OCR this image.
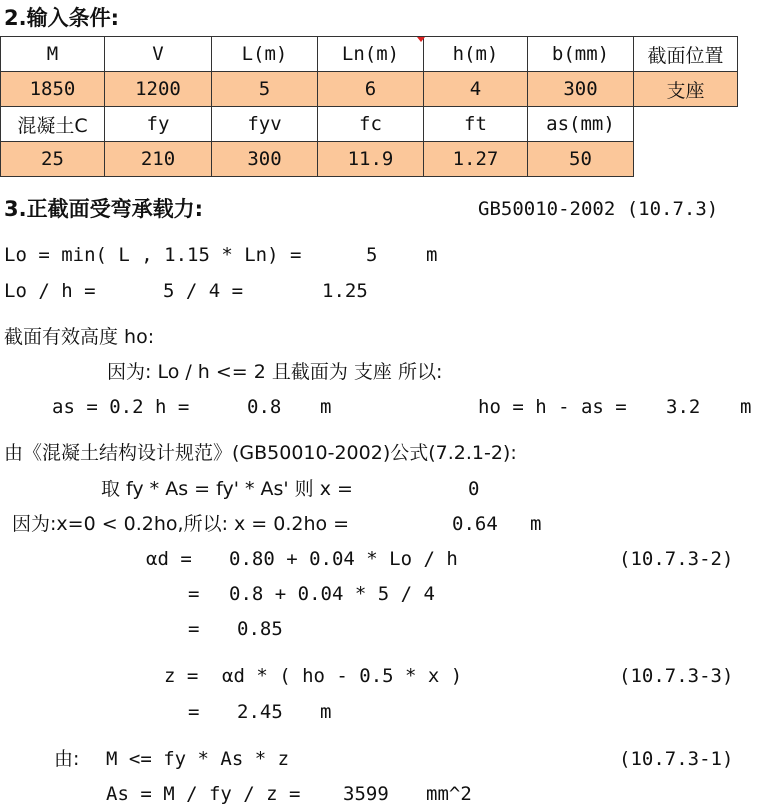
2.输入条件:
M	V	L(m)	Ln(m)	h(m)	b(mm)	截面位置
1850	1200	5	6	4	300	支座
混凝土C	fy	fyv	fc	ft	as(mm)	
25	210	300	11.9	1.27	50	
3.正截面受弯承载力:	GB50010-2002 (10.7.3)
Lo = min( L , 1.15 * Ln) =	5	m
Lo / h =	5 / 4 =	1.25
截面有效高度 ho:
因为: Lo / h <= 2 且截面为 支座 所以:
as = 0.2 h =	0.8 m	ho = h - as = 3.2 m
由《混凝土结构设计规范》(GB50010-2002)公式(7.2.1-2):
取 fy * As = fy' * As' 则 x =	0
因为:x=0 < 0.2ho,所以: x = 0.2ho =	0.64 m
αd = 0.80 + 0.04 * Lo / h	(10.7.3-2)
= 0.8 + 0.04 * 5 / 4
= 0.85
z = αd * ( ho - 0.5 * x )	(10.7.3-3)
= 2.45 m
由: M <= fy * As * z	(10.7.3-1)
As = M / fy / z = 3599 mm^2
